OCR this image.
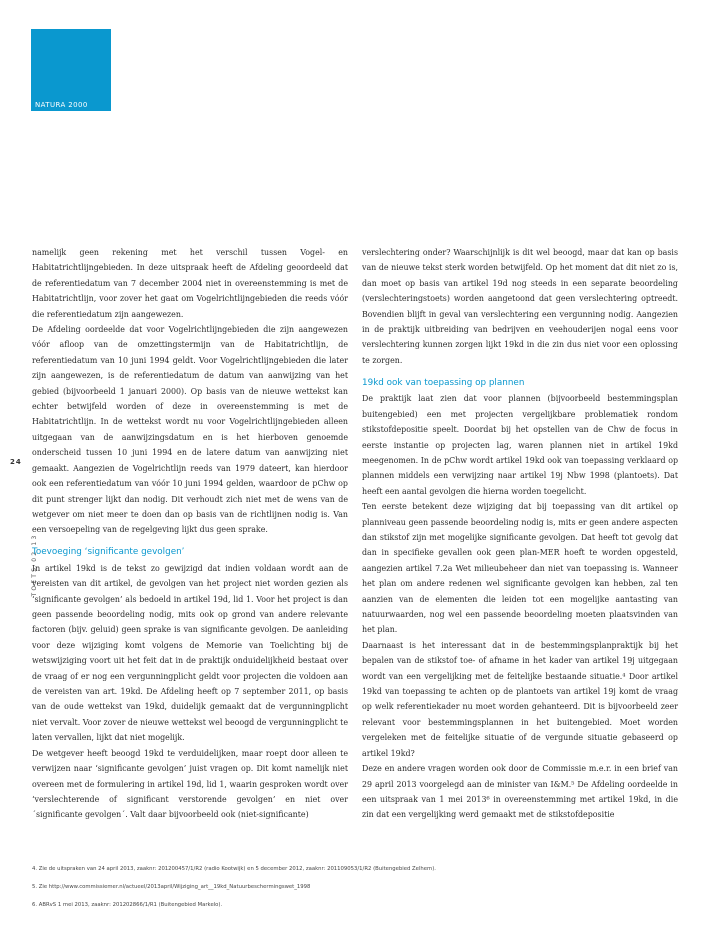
NATURA 2000
24
TOETS 02 13

namelijk geen rekening met het verschil tussen Vogel- en Habitatrichtlijngebieden. In deze uitspraak heeft de Afdeling geoordeeld dat de referentiedatum van 7 december 2004 niet in overeenstemming is met de Habitatrichtlijn, voor zover het gaat om Vogelrichtlijngebieden die reeds vóór die referentiedatum zijn aangewezen.

De Afdeling oordeelde dat voor Vogelrichtlijngebieden die zijn aangewezen vóór afloop van de omzettingstermijn van de Habitatrichtlijn, de referentiedatum van 10 juni 1994 geldt. Voor Vogelrichtlijngebieden die later zijn aangewezen, is de referentiedatum de datum van aanwijzing van het gebied (bijvoorbeeld 1 januari 2000). Op basis van de nieuwe wettekst kan echter betwijfeld worden of deze in overeenstemming is met de Habitatrichtlijn. In de wettekst wordt nu voor Vogelrichtlijngebieden alleen uitgegaan van de aanwijzingsdatum en is het hierboven genoemde onderscheid tussen 10 juni 1994 en de latere datum van aanwijzing niet gemaakt. Aangezien de Vogelrichtlijn reeds van 1979 dateert, kan hierdoor ook een referentiedatum van vóór 10 juni 1994 gelden, waardoor de pChw op dit punt strenger lijkt dan nodig. Dit verhoudt zich niet met de wens van de wetgever om niet meer te doen dan op basis van de richtlijnen nodig is. Van een versoepeling van de regelgeving lijkt dus geen sprake.

Toevoeging ‘significante gevolgen’

In artikel 19kd is de tekst zo gewijzigd dat indien voldaan wordt aan de vereisten van dit artikel, de gevolgen van het project niet worden gezien als ‘significante gevolgen’ als bedoeld in artikel 19d, lid 1. Voor het project is dan geen passende beoordeling nodig, mits ook op grond van andere relevante factoren (bijv. geluid) geen sprake is van significante gevolgen. De aanleiding voor deze wijziging komt volgens de Memorie van Toelichting bij de wetswijziging voort uit het feit dat in de praktijk onduidelijkheid bestaat over de vraag of er nog een vergunningplicht geldt voor projecten die voldoen aan de vereisten van art. 19kd. De Afdeling heeft op 7 september 2011, op basis van de oude wettekst van 19kd, duidelijk gemaakt dat de vergunningplicht niet vervalt. Voor zover de nieuwe wettekst wel beoogd de vergunningplicht te laten vervallen, lijkt dat niet mogelijk.

De wetgever heeft beoogd 19kd te verduidelijken, maar roept door alleen te verwijzen naar ‘significante gevolgen’ juist vragen op. Dit komt namelijk niet overeen met de formulering in artikel 19d, lid 1, waarin gesproken wordt over ‘verslechterende of significant verstorende gevolgen’ en niet over ´significante gevolgen´. Valt daar bijvoorbeeld ook (niet-significante)

verslechtering onder? Waarschijnlijk is dit wel beoogd, maar dat kan op basis van de nieuwe tekst sterk worden betwijfeld. Op het moment dat dit niet zo is, dan moet op basis van artikel 19d nog steeds in een separate beoordeling (verslechteringstoets) worden aangetoond dat geen verslechtering optreedt. Bovendien blijft in geval van verslechtering een vergunning nodig. Aangezien in de praktijk uitbreiding van bedrijven en veehouderijen nogal eens voor verslechtering kunnen zorgen lijkt 19kd in die zin dus niet voor een oplossing te zorgen.

19kd ook van toepassing op plannen

De praktijk laat zien dat voor plannen (bijvoorbeeld bestemmingsplan buitengebied) een met projecten vergelijkbare problematiek rondom stikstofdepositie speelt. Doordat bij het opstellen van de Chw de focus in eerste instantie op projecten lag, waren plannen niet in artikel 19kd meegenomen. In de pChw wordt artikel 19kd ook van toepassing verklaard op plannen middels een verwijzing naar artikel 19j Nbw 1998 (plantoets). Dat heeft een aantal gevolgen die hierna worden toegelicht.

Ten eerste betekent deze wijziging dat bij toepassing van dit artikel op planniveau geen passende beoordeling nodig is, mits er geen andere aspecten dan stikstof zijn met mogelijke significante gevolgen. Dat heeft tot gevolg dat dan in specifieke gevallen ook geen plan-MER hoeft te worden opgesteld, aangezien artikel 7.2a Wet milieubeheer dan niet van toepassing is. Wanneer het plan om andere redenen wel significante gevolgen kan hebben, zal ten aanzien van de elementen die leiden tot een mogelijke aantasting van natuurwaarden, nog wel een passende beoordeling moeten plaatsvinden van het plan.

Daarnaast is het interessant dat in de bestemmingsplanpraktijk bij het bepalen van de stikstof toe- of afname in het kader van artikel 19j uitgegaan wordt van een vergelijking met de feitelijke bestaande situatie.⁴ Door artikel 19kd van toepassing te achten op de plantoets van artikel 19j komt de vraag op welk referentiekader nu moet worden gehanteerd. Dit is bijvoorbeeld zeer relevant voor bestemmingsplannen in het buitengebied. Moet worden vergeleken met de feitelijke situatie of de vergunde situatie gebaseerd op artikel 19kd?

Deze en andere vragen worden ook door de Commissie m.e.r. in een brief van 29 april 2013 voorgelegd aan de minister van I&M.⁵ De Afdeling oordeelde in een uitspraak van 1 mei 2013⁶ in overeenstemming met artikel 19kd, in die zin dat een vergelijking werd gemaakt met de stikstofdepositie

4. Zie de uitspraken van 24 april 2013, zaaknr: 201200457/1/R2 (radio Kootwijk) en 5 december 2012, zaaknr: 201109053/1/R2 (Buitengebied Zelhem).

5. Zie http://www.commissiemer.nl/actueel/2013april/Wijziging_art__19kd_Natuurbeschermingswet_1998

6. ABRvS 1 mei 2013, zaaknr: 201202866/1/R1 (Buitengebied Markelo).
